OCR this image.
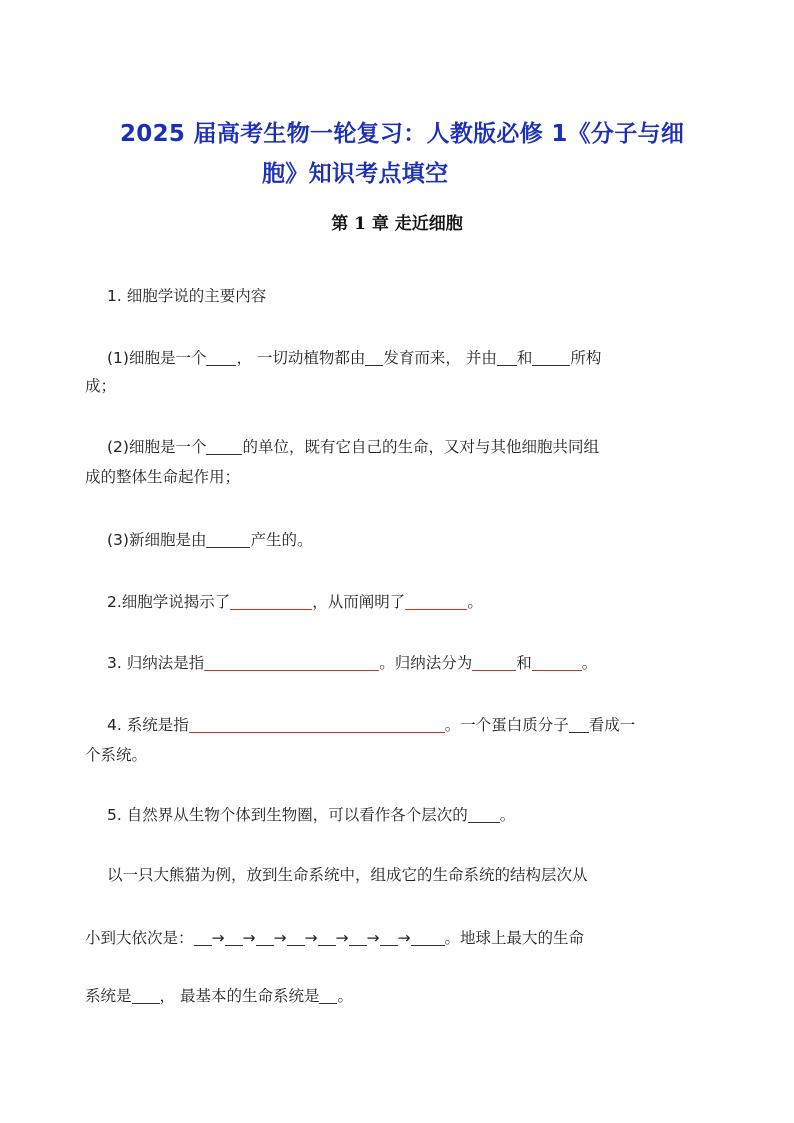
2025 届高考生物一轮复习：人教版必修 1《分子与细
胞》知识考点填空
第 1 章 走近细胞
1. 细胞学说的主要内容
(1)细胞是一个 ， 一切动植物都由 发育而来， 并由 和 所构
成；
(2)细胞是一个 的单位，既有它自己的生命，又对与其他细胞共同组
成的整体生命起作用；
(3)新细胞是由	产生的。
2.细胞学说揭示了	，从而阐明了	。
3. 归纳法是指	。归纳法分为	和	。
4. 系统是指	。一个蛋白质分子 看成一
个系统。
5. 自然界从生物个体到生物圈，可以看作各个层次的 。
以一只大熊猫为例，放到生命系统中，组成它的生命系统的结构层次从
小到大依次是： → → → → → → → 。地球上最大的生命
系统是 ， 最基本的生命系统是 。
